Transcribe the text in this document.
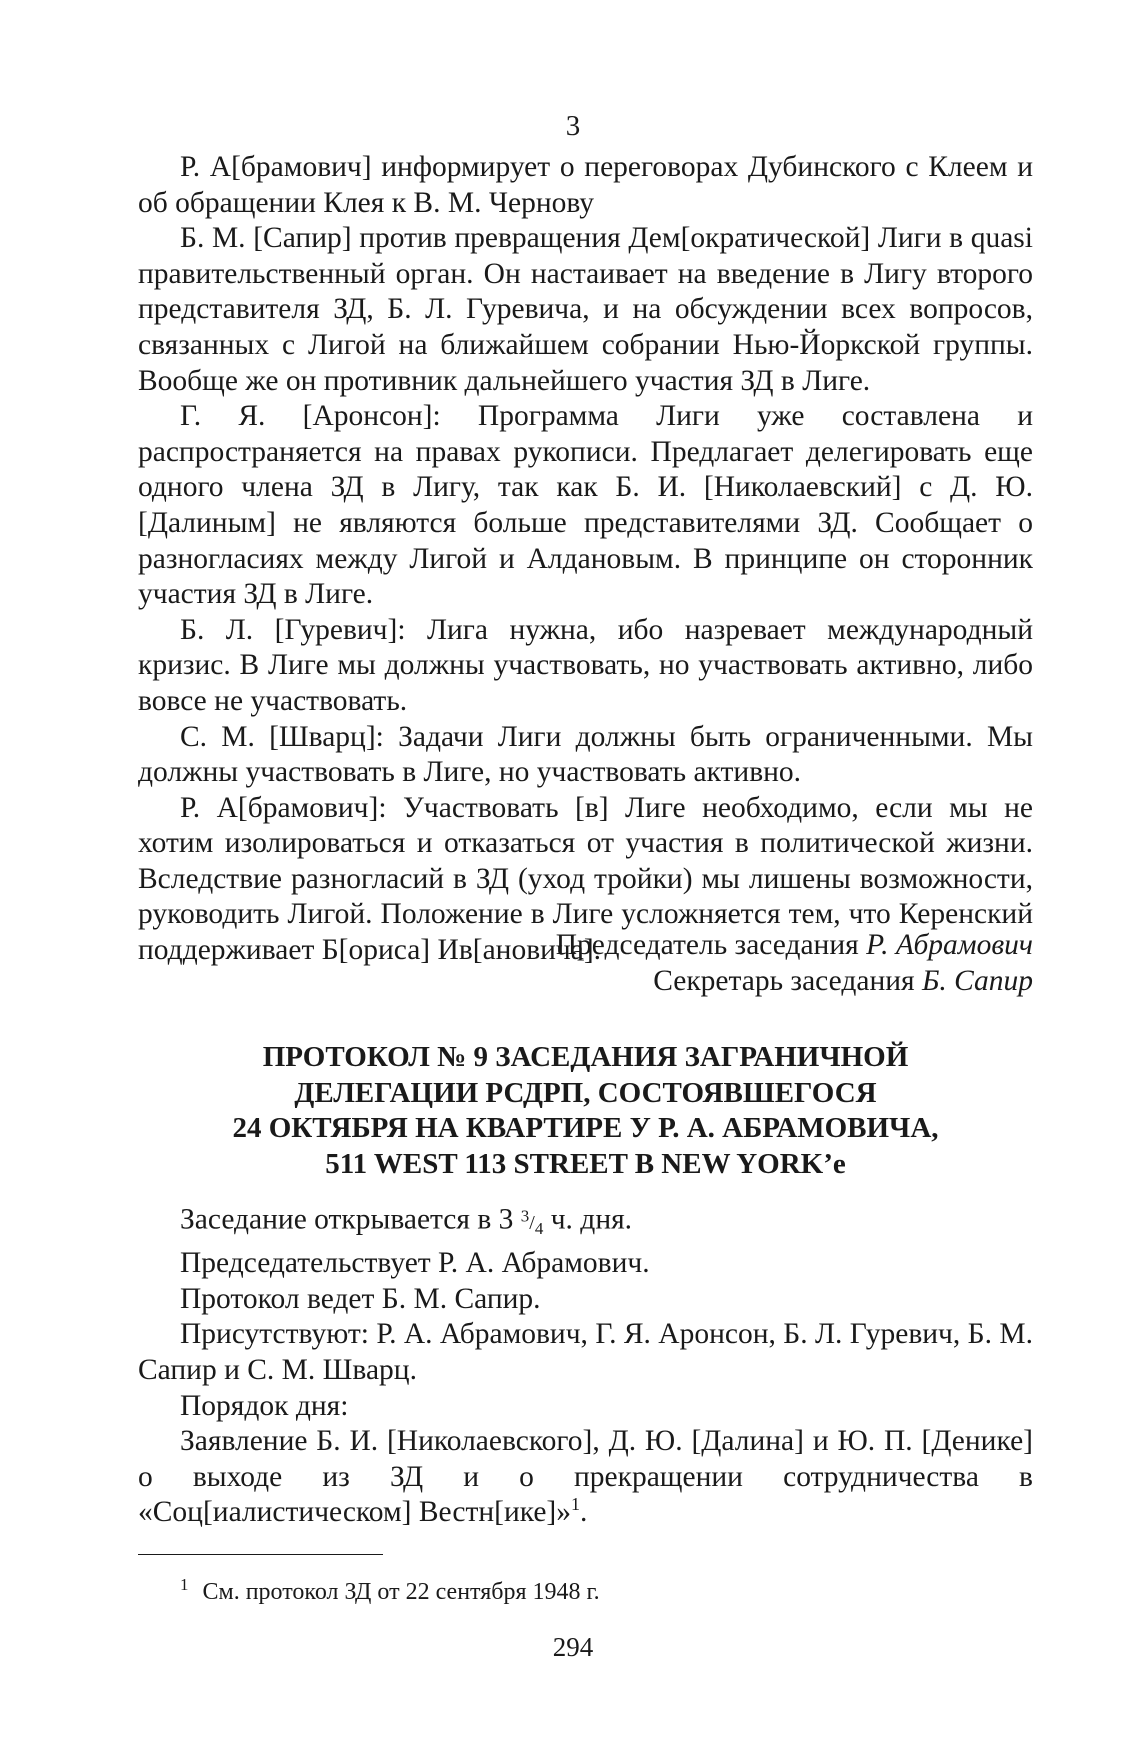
3

Р. А[брамович] информирует о переговорах Дубинского с Клеем и об обращении Клея к В. М. Чернову

Б. М. [Сапир] против превращения Дем[ократической] Лиги в quasi правительственный орган. Он настаивает на введение в Лигу второго представителя ЗД, Б. Л. Гуревича, и на обсуждении всех вопросов, связанных с Лигой на ближайшем собрании Нью-Йоркской группы. Вообще же он противник дальнейшего участия ЗД в Лиге.

Г. Я. [Аронсон]: Программа Лиги уже составлена и распространяется на правах рукописи. Предлагает делегировать еще одного члена ЗД в Лигу, так как Б. И. [Николаевский] с Д. Ю. [Далиным] не являются больше представителями ЗД. Сообщает о разногласиях между Лигой и Алдановым. В принципе он сторонник участия ЗД в Лиге.

Б. Л. [Гуревич]: Лига нужна, ибо назревает международный кризис. В Лиге мы должны участвовать, но участвовать активно, либо вовсе не участвовать.

С. М. [Шварц]: Задачи Лиги должны быть ограниченными. Мы должны участвовать в Лиге, но участвовать активно.

Р. А[брамович]: Участвовать [в] Лиге необходимо, если мы не хотим изолироваться и отказаться от участия в политической жизни. Вследствие разногласий в ЗД (уход тройки) мы лишены возможности, руководить Лигой. Положение в Лиге усложняется тем, что Керенский поддерживает Б[ориса] Ив[ановича].

Председатель заседания Р. Абрамович
Секретарь заседания Б. Сапир
ПРОТОКОЛ № 9 ЗАСЕДАНИЯ ЗАГРАНИЧНОЙ
ДЕЛЕГАЦИИ РСДРП, СОСТОЯВШЕГОСЯ
24 ОКТЯБРЯ НА КВАРТИРЕ У Р. А. АБРАМОВИЧА,
511 WEST 113 STREET В NEW YORK’е

Заседание открывается в 3 $^3/_4$ ч. дня.

Председательствует Р. А. Абрамович.

Протокол ведет Б. М. Сапир.

Присутствуют: Р. А. Абрамович, Г. Я. Аронсон, Б. Л. Гуревич, Б. М. Сапир и С. М. Шварц.

Порядок дня:

Заявление Б. И. [Николаевского], Д. Ю. [Далина] и Ю. П. [Денике] о выходе из ЗД и о прекращении сотрудничества в «Соц[иалистическом] Вестн[ике]»$^1$.

$^1$ См. протокол ЗД от 22 сентября 1948 г.
294
